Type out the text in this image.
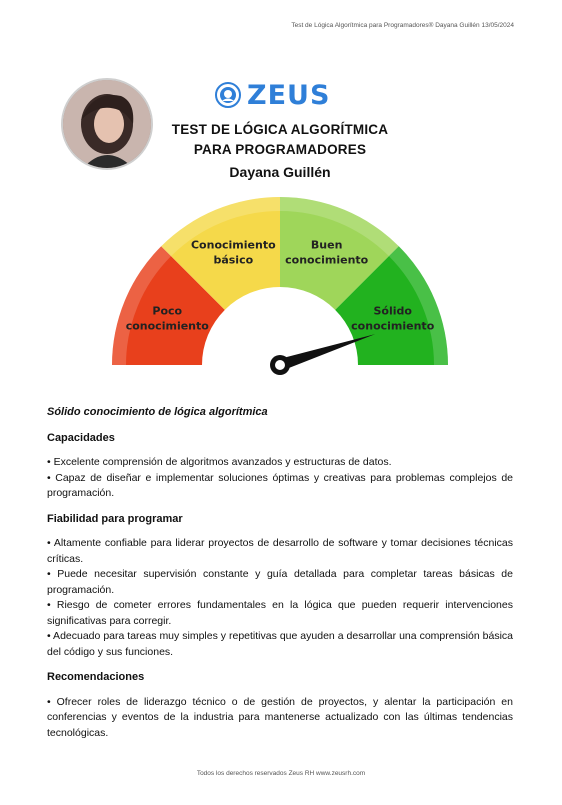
Test de Lógica Algorítmica para Programadores® Dayana Guillén 13/05/2024
ZEUS
TEST DE LÓGICA ALGORÍTMICA
PARA PROGRAMADORES
Dayana Guillén
Poco
conocimiento
Conocimiento
básico
Buen
conocimiento
Sólido
conocimiento

Sólido conocimiento de lógica algorítmica

Capacidades

• Excelente comprensión de algoritmos avanzados y estructuras de datos.

• Capaz de diseñar e implementar soluciones óptimas y creativas para problemas complejos de programación.

Fiabilidad para programar

• Altamente confiable para liderar proyectos de desarrollo de software y tomar decisiones técnicas críticas.

• Puede necesitar supervisión constante y guía detallada para completar tareas básicas de programación.

• Riesgo de cometer errores fundamentales en la lógica que pueden requerir intervenciones significativas para corregir.

• Adecuado para tareas muy simples y repetitivas que ayuden a desarrollar una comprensión básica del código y sus funciones.

Recomendaciones

• Ofrecer roles de liderazgo técnico o de gestión de proyectos, y alentar la participación en conferencias y eventos de la industria para mantenerse actualizado con las últimas tendencias tecnológicas.

Todos los derechos reservados Zeus RH www.zeusrh.com
